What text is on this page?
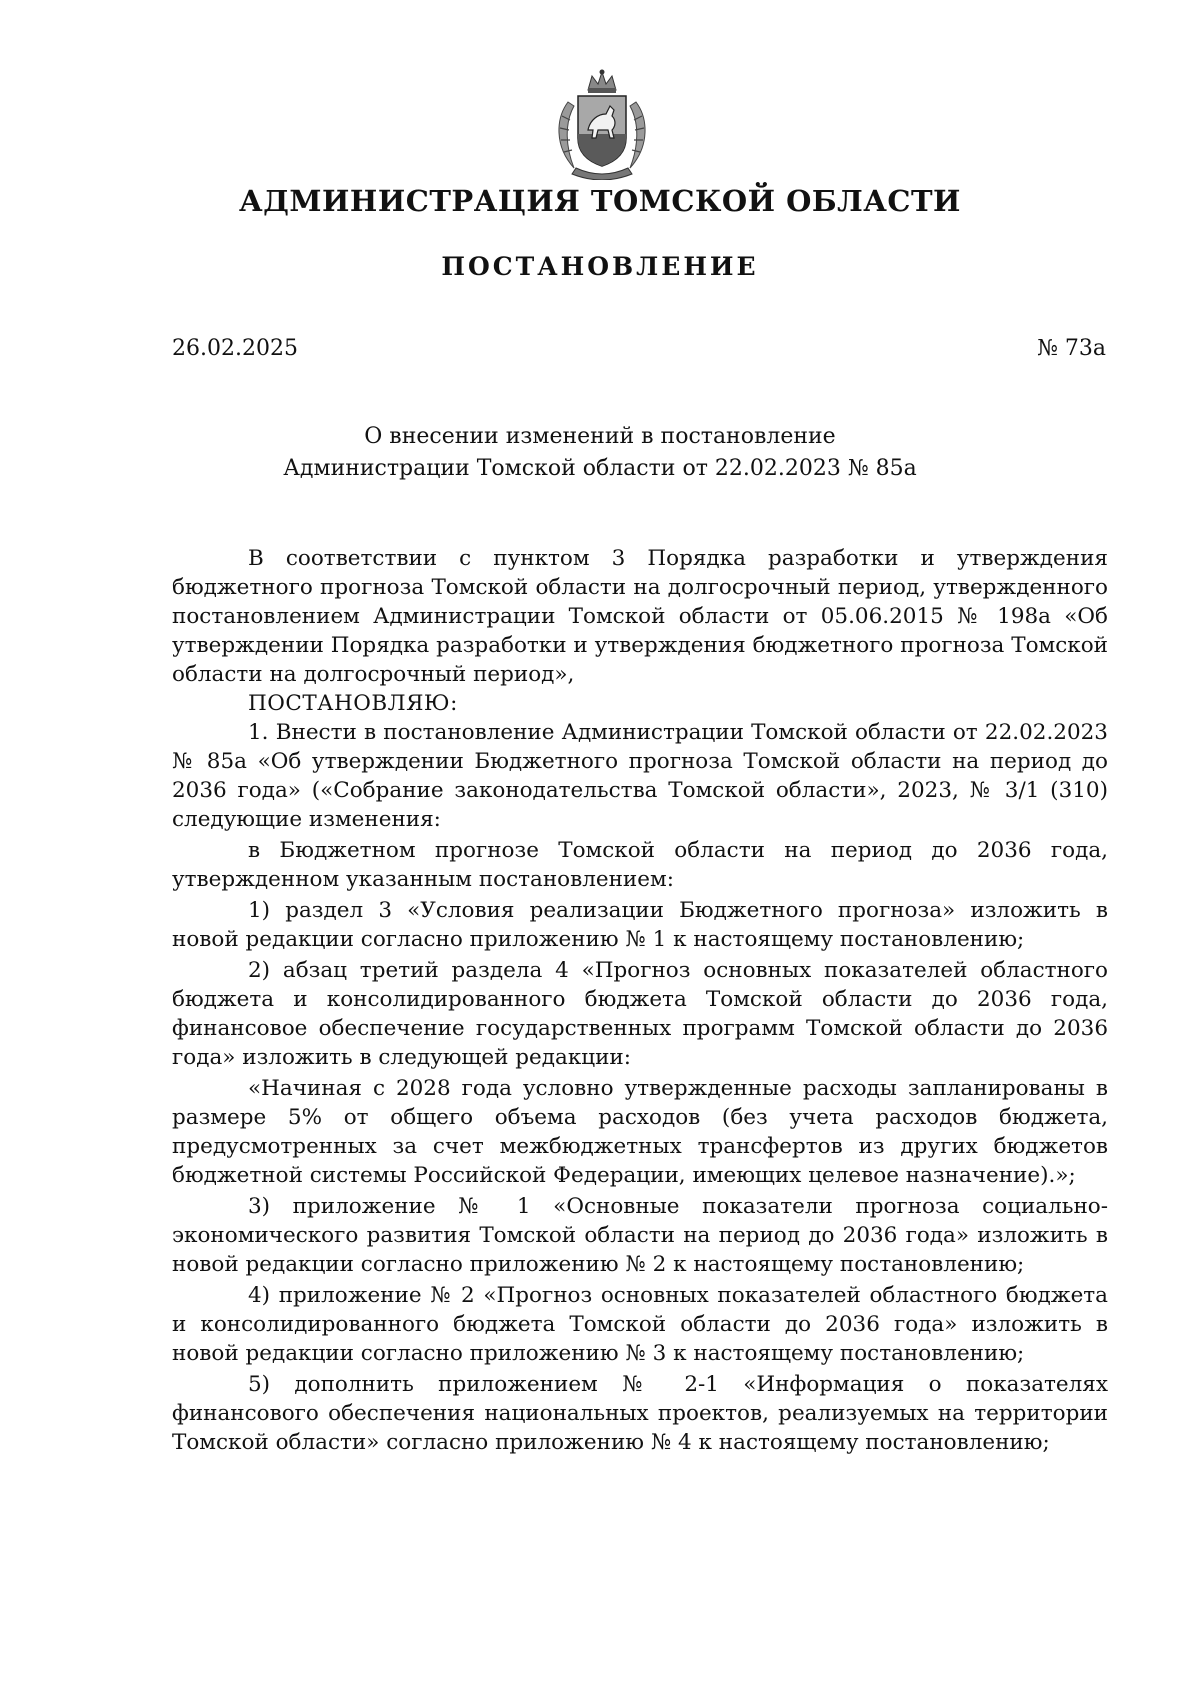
АДМИНИСТРАЦИЯ ТОМСКОЙ ОБЛАСТИ
ПОСТАНОВЛЕНИЕ
26.02.2025	№ 73а
О внесении изменений в постановление
Администрации Томской области от 22.02.2023 № 85а

В соответствии с пунктом 3 Порядка разработки и утверждения бюджетного прогноза Томской области на долгосрочный период, утвержденного постановлением Администрации Томской области от 05.06.2015 № 198а «Об утверждении Порядка разработки и утверждения бюджетного прогноза Томской области на долгосрочный период»,

ПОСТАНОВЛЯЮ:

1. Внести в постановление Администрации Томской области от 22.02.2023 № 85а «Об утверждении Бюджетного прогноза Томской области на период до 2036 года» («Собрание законодательства Томской области», 2023, № 3/1 (310) следующие изменения:

в Бюджетном прогнозе Томской области на период до 2036 года, утвержденном указанным постановлением:

1) раздел 3 «Условия реализации Бюджетного прогноза» изложить в новой редакции согласно приложению № 1 к настоящему постановлению;

2) абзац третий раздела 4 «Прогноз основных показателей областного бюджета и консолидированного бюджета Томской области до 2036 года, финансовое обеспечение государственных программ Томской области до 2036 года» изложить в следующей редакции:

«Начиная с 2028 года условно утвержденные расходы запланированы в размере 5% от общего объема расходов (без учета расходов бюджета, предусмотренных за счет межбюджетных трансфертов из других бюджетов бюджетной системы Российской Федерации, имеющих целевое назначение).»;

3) приложение № 1 «Основные показатели прогноза социально-экономического развития Томской области на период до 2036 года» изложить в новой редакции согласно приложению № 2 к настоящему постановлению;

4) приложение № 2 «Прогноз основных показателей областного бюджета и консолидированного бюджета Томской области до 2036 года» изложить в новой редакции согласно приложению № 3 к настоящему постановлению;

5) дополнить приложением № 2-1 «Информация о показателях финансового обеспечения национальных проектов, реализуемых на территории Томской области» согласно приложению № 4 к настоящему постановлению;
